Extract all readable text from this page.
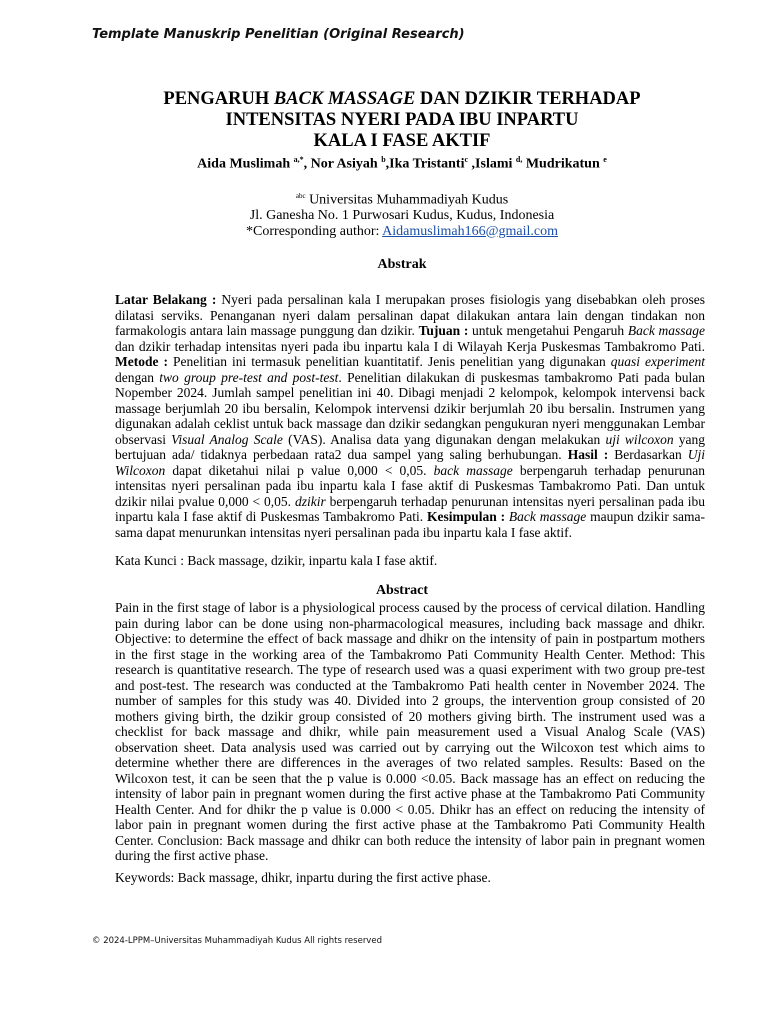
Template Manuskrip Penelitian (Original Research)
PENGARUH BACK MASSAGE DAN DZIKIR TERHADAP
INTENSITAS NYERI PADA IBU INPARTU
KALA I FASE AKTIF
Aida Muslimah $^{a,*}$, Nor Asiyah $^b$,Ika Tristanti$^c$ ,Islami $^{d,}$ Mudrikatun $^e$
$^{abc}$ Universitas Muhammadiyah Kudus
Jl. Ganesha No. 1 Purwosari Kudus, Kudus, Indonesia
*Corresponding author: Aidamuslimah166@gmail.com
Abstrak
Latar Belakang : Nyeri pada persalinan kala I merupakan proses fisiologis yang disebabkan oleh proses dilatasi serviks. Penanganan nyeri dalam persalinan dapat dilakukan antara lain dengan tindakan non farmakologis antara lain massage punggung dan dzikir. Tujuan : untuk mengetahui Pengaruh Back massage dan dzikir terhadap intensitas nyeri pada ibu inpartu kala I di Wilayah Kerja Puskesmas Tambakromo Pati. Metode : Penelitian ini termasuk penelitian kuantitatif. Jenis penelitian yang digunakan quasi experiment dengan two group pre-test and post-test. Penelitian dilakukan di puskesmas tambakromo Pati pada bulan Nopember 2024. Jumlah sampel penelitian ini 40. Dibagi menjadi 2 kelompok, kelompok intervensi back massage berjumlah 20 ibu bersalin, Kelompok intervensi dzikir berjumlah 20 ibu bersalin. Instrumen yang digunakan adalah ceklist untuk back massage dan dzikir sedangkan pengukuran nyeri menggunakan Lembar observasi Visual Analog Scale (VAS). Analisa data yang digunakan dengan melakukan uji wilcoxon yang bertujuan ada/ tidaknya perbedaan rata2 dua sampel yang saling berhubungan. Hasil : Berdasarkan Uji Wilcoxon dapat diketahui nilai p value 0,000 < 0,05. back massage berpengaruh terhadap penurunan intensitas nyeri persalinan pada ibu inpartu kala I fase aktif di Puskesmas Tambakromo Pati. Dan untuk dzikir nilai pvalue 0,000 < 0,05. dzikir berpengaruh terhadap penurunan intensitas nyeri persalinan pada ibu inpartu kala I fase aktif di Puskesmas Tambakromo Pati. Kesimpulan : Back massage maupun dzikir sama-sama dapat menurunkan intensitas nyeri persalinan pada ibu inpartu kala I fase aktif.
Kata Kunci : Back massage, dzikir, inpartu kala I fase aktif.
Abstract
Pain in the first stage of labor is a physiological process caused by the process of cervical dilation. Handling pain during labor can be done using non-pharmacological measures, including back massage and dhikr. Objective: to determine the effect of back massage and dhikr on the intensity of pain in postpartum mothers in the first stage in the working area of the Tambakromo Pati Community Health Center. Method: This research is quantitative research. The type of research used was a quasi experiment with two group pre-test and post-test. The research was conducted at the Tambakromo Pati health center in November 2024. The number of samples for this study was 40. Divided into 2 groups, the intervention group consisted of 20 mothers giving birth, the dzikir group consisted of 20 mothers giving birth. The instrument used was a checklist for back massage and dhikr, while pain measurement used a Visual Analog Scale (VAS) observation sheet. Data analysis used was carried out by carrying out the Wilcoxon test which aims to determine whether there are differences in the averages of two related samples. Results: Based on the Wilcoxon test, it can be seen that the p value is 0.000 <0.05. Back massage has an effect on reducing the intensity of labor pain in pregnant women during the first active phase at the Tambakromo Pati Community Health Center. And for dhikr the p value is 0.000 < 0.05. Dhikr has an effect on reducing the intensity of labor pain in pregnant women during the first active phase at the Tambakromo Pati Community Health Center. Conclusion: Back massage and dhikr can both reduce the intensity of labor pain in pregnant women during the first active phase.
Keywords: Back massage, dhikr, inpartu during the first active phase.
© 2024-LPPM–Universitas Muhammadiyah Kudus All rights reserved
